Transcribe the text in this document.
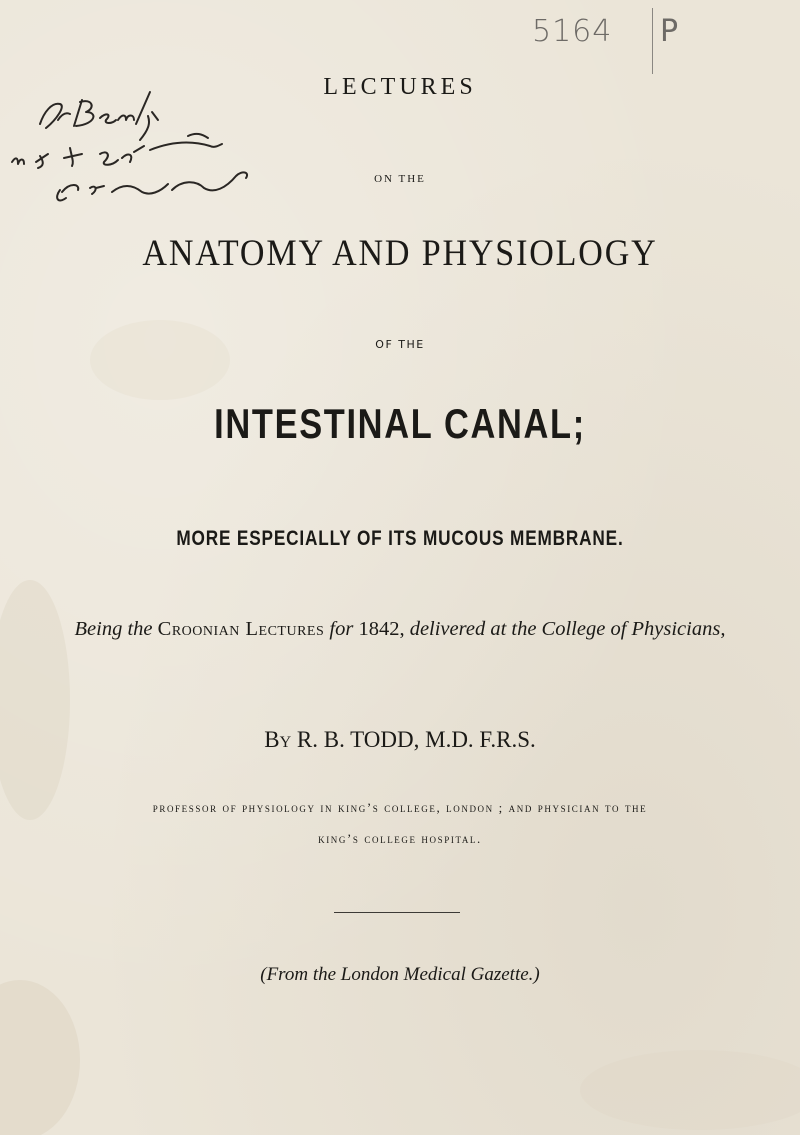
5164 P
LECTURES
ON THE
ANATOMY AND PHYSIOLOGY
OF THE
INTESTINAL CANAL;
MORE ESPECIALLY OF ITS MUCOUS MEMBRANE.
Being the Croonian Lectures for 1842, delivered at the College of Physicians,
By R. B. TODD, M.D. F.R.S.
professor of physiology in king’s college, london ; and physician to the
king’s college hospital.
(From the London Medical Gazette.)
